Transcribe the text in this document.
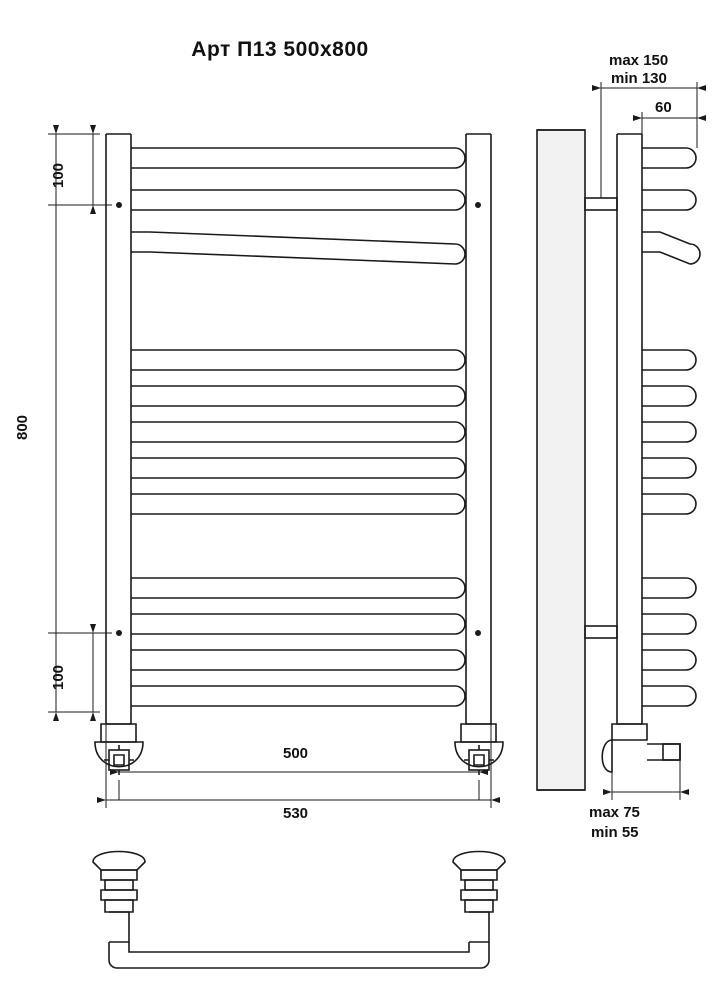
Арт П13 500x800
100
800
100
500
530
max 150
min 130
60
max 75
min 55
